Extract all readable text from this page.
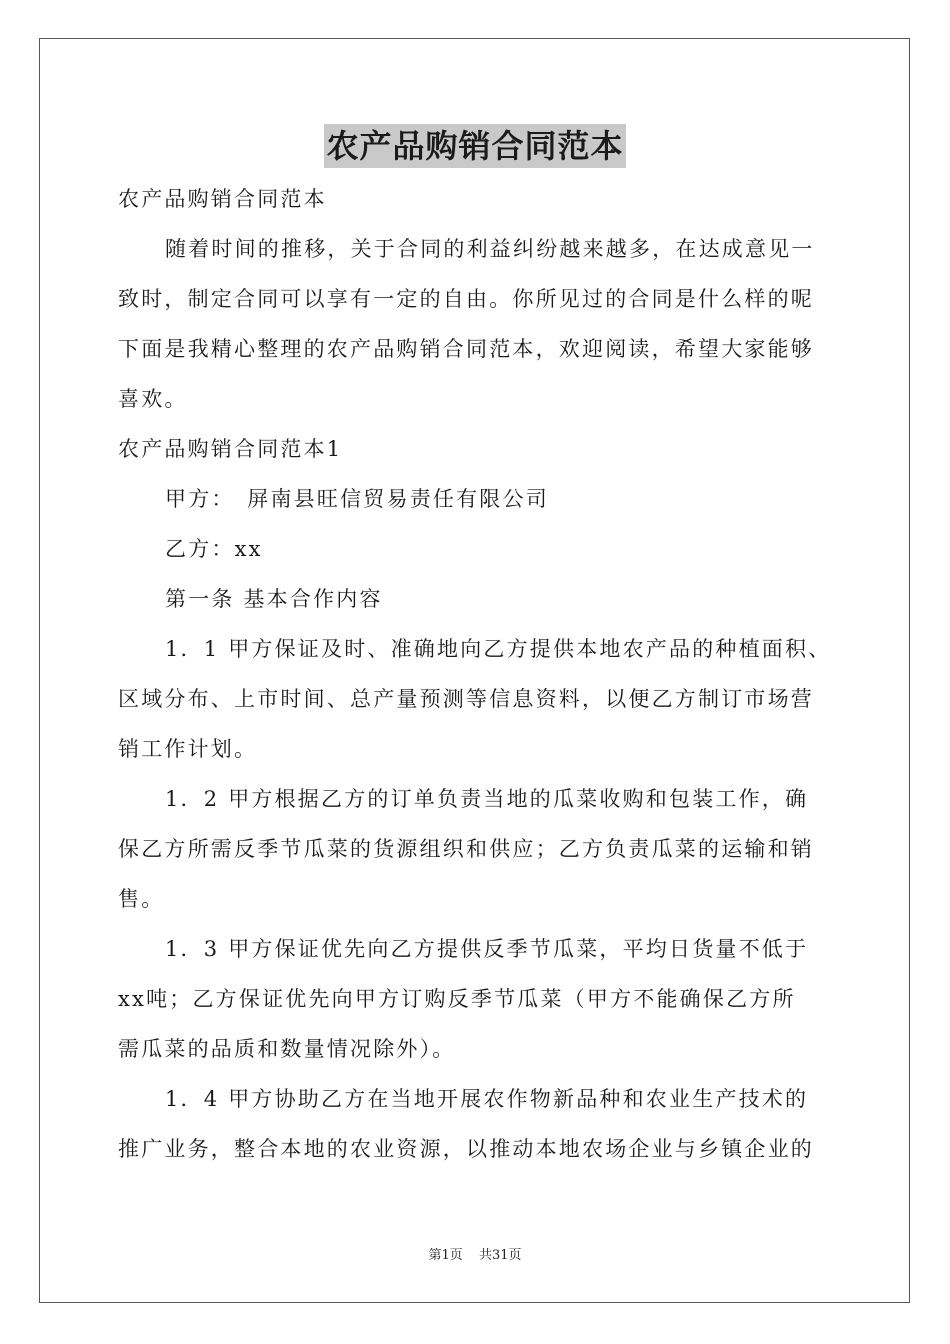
农产品购销合同范本
农产品购销合同范本
随着时间的推移，关于合同的利益纠纷越来越多，在达成意见一
致时，制定合同可以享有一定的自由。你所见过的合同是什么样的呢
下面是我精心整理的农产品购销合同范本，欢迎阅读，希望大家能够
喜欢。
农产品购销合同范本1
甲方：　屏南县旺信贸易责任有限公司
乙方：xx
第一条 基本合作内容
1．1 甲方保证及时、准确地向乙方提供本地农产品的种植面积、
区域分布、上市时间、总产量预测等信息资料，以便乙方制订市场营
销工作计划。
1．2 甲方根据乙方的订单负责当地的瓜菜收购和包装工作，确
保乙方所需反季节瓜菜的货源组织和供应；乙方负责瓜菜的运输和销
售。
1．3 甲方保证优先向乙方提供反季节瓜菜，平均日货量不低于
xx吨；乙方保证优先向甲方订购反季节瓜菜（甲方不能确保乙方所
需瓜菜的品质和数量情况除外）。
1．4 甲方协助乙方在当地开展农作物新品种和农业生产技术的
推广业务，整合本地的农业资源，以推动本地农场企业与乡镇企业的
第1页 共31页
